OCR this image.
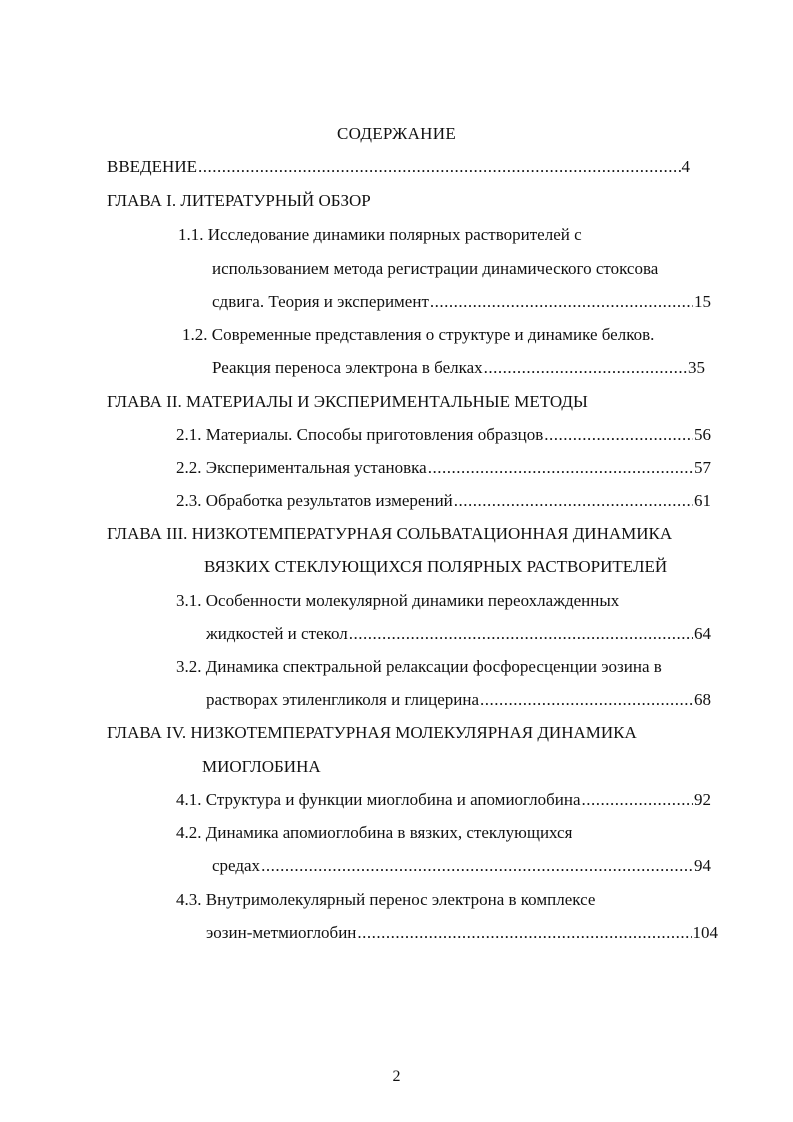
СОДЕРЖАНИЕ
ВВЕДЕНИЕ .....	4
ГЛАВА I. ЛИТЕРАТУРНЫЙ ОБЗОР
1.1. Исследование динамики полярных растворителей с
использованием метода регистрации динамического стоксова
сдвига. Теория и эксперимент .....	15
1.2. Современные представления о структуре и динамике белков.
Реакция переноса электрона в белках .....	35
ГЛАВА II. МАТЕРИАЛЫ И ЭКСПЕРИМЕНТАЛЬНЫЕ МЕТОДЫ
2.1. Материалы. Способы приготовления образцов .....	56
2.2. Экспериментальная установка .....	57
2.3. Обработка результатов измерений .....	61
ГЛАВА III. НИЗКОТЕМПЕРАТУРНАЯ СОЛЬВАТАЦИОННАЯ ДИНАМИКА
ВЯЗКИХ СТЕКЛУЮЩИХСЯ ПОЛЯРНЫХ РАСТВОРИТЕЛЕЙ
3.1. Особенности молекулярной динамики переохлажденных
жидкостей и стекол .....	64
3.2. Динамика спектральной релаксации фосфоресценции эозина в
растворах этиленгликоля и глицерина .....	68
ГЛАВА IV. НИЗКОТЕМПЕРАТУРНАЯ МОЛЕКУЛЯРНАЯ ДИНАМИКА
МИОГЛОБИНА
4.1. Структура и функции миоглобина и апомиоглобина .....	92
4.2. Динамика апомиоглобина в вязких, стеклующихся
средах .....	94
4.3. Внутримолекулярный перенос электрона в комплексе
эозин-метмиоглобин .....	104
2
